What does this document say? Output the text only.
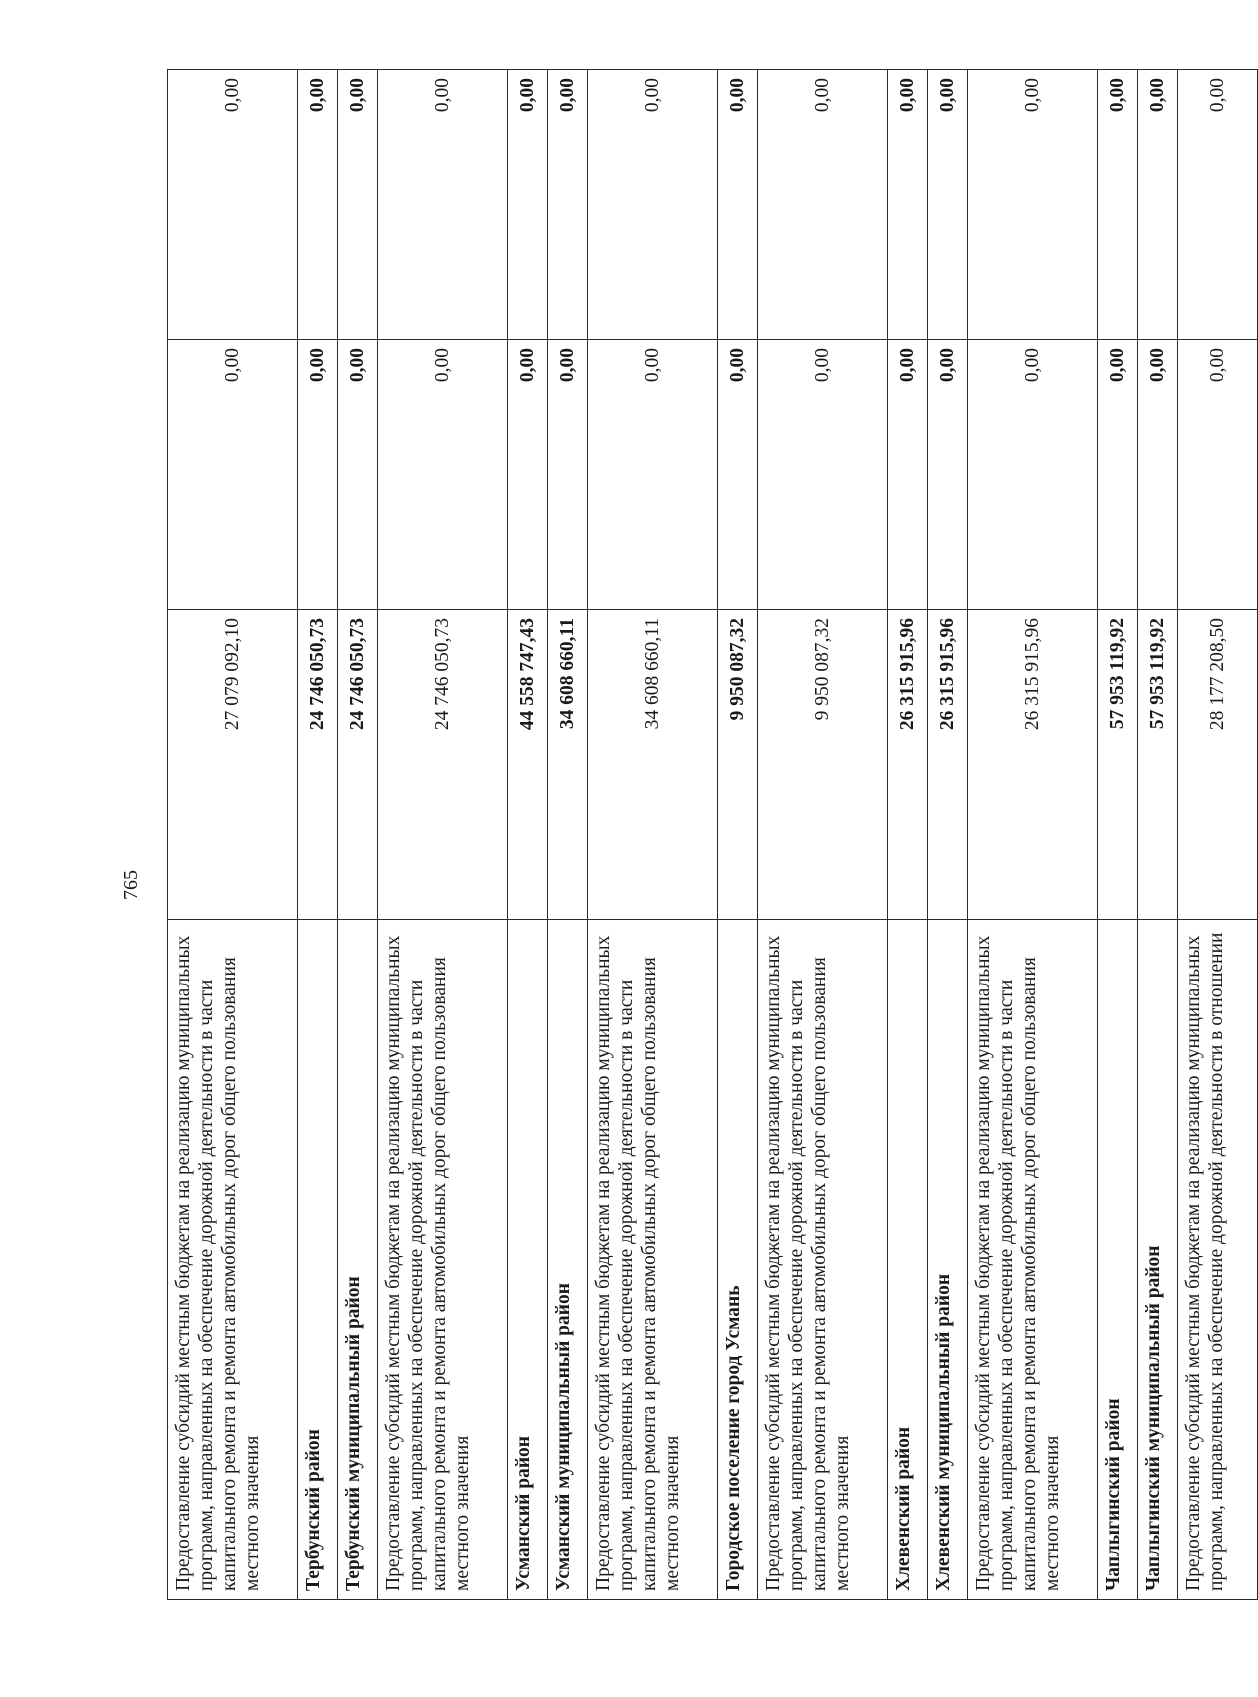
765
Предоставление субсидий местным бюджетам на реализацию муниципальных программ, направленных на обеспечение дорожной деятельности в части капитального ремонта и ремонта автомобильных дорог общего пользования местного значения	27 079 092,10	0,00	0,00
Тербунский район	24 746 050,73	0,00	0,00
Тербунский муниципальный район	24 746 050,73	0,00	0,00
Предоставление субсидий местным бюджетам на реализацию муниципальных программ, направленных на обеспечение дорожной деятельности в части капитального ремонта и ремонта автомобильных дорог общего пользования местного значения	24 746 050,73	0,00	0,00
Усманский район	44 558 747,43	0,00	0,00
Усманский муниципальный район	34 608 660,11	0,00	0,00
Предоставление субсидий местным бюджетам на реализацию муниципальных программ, направленных на обеспечение дорожной деятельности в части капитального ремонта и ремонта автомобильных дорог общего пользования местного значения	34 608 660,11	0,00	0,00
Городское поселение город Усмань	9 950 087,32	0,00	0,00
Предоставление субсидий местным бюджетам на реализацию муниципальных программ, направленных на обеспечение дорожной деятельности в части капитального ремонта и ремонта автомобильных дорог общего пользования местного значения	9 950 087,32	0,00	0,00
Хлевенский район	26 315 915,96	0,00	0,00
Хлевенский муниципальный район	26 315 915,96	0,00	0,00
Предоставление субсидий местным бюджетам на реализацию муниципальных программ, направленных на обеспечение дорожной деятельности в части капитального ремонта и ремонта автомобильных дорог общего пользования местного значения	26 315 915,96	0,00	0,00
Чаплыгинский район	57 953 119,92	0,00	0,00
Чаплыгинский муниципальный район	57 953 119,92	0,00	0,00
Предоставление субсидий местным бюджетам на реализацию муниципальных программ, направленных на обеспечение дорожной деятельности в отношении	28 177 208,50	0,00	0,00
